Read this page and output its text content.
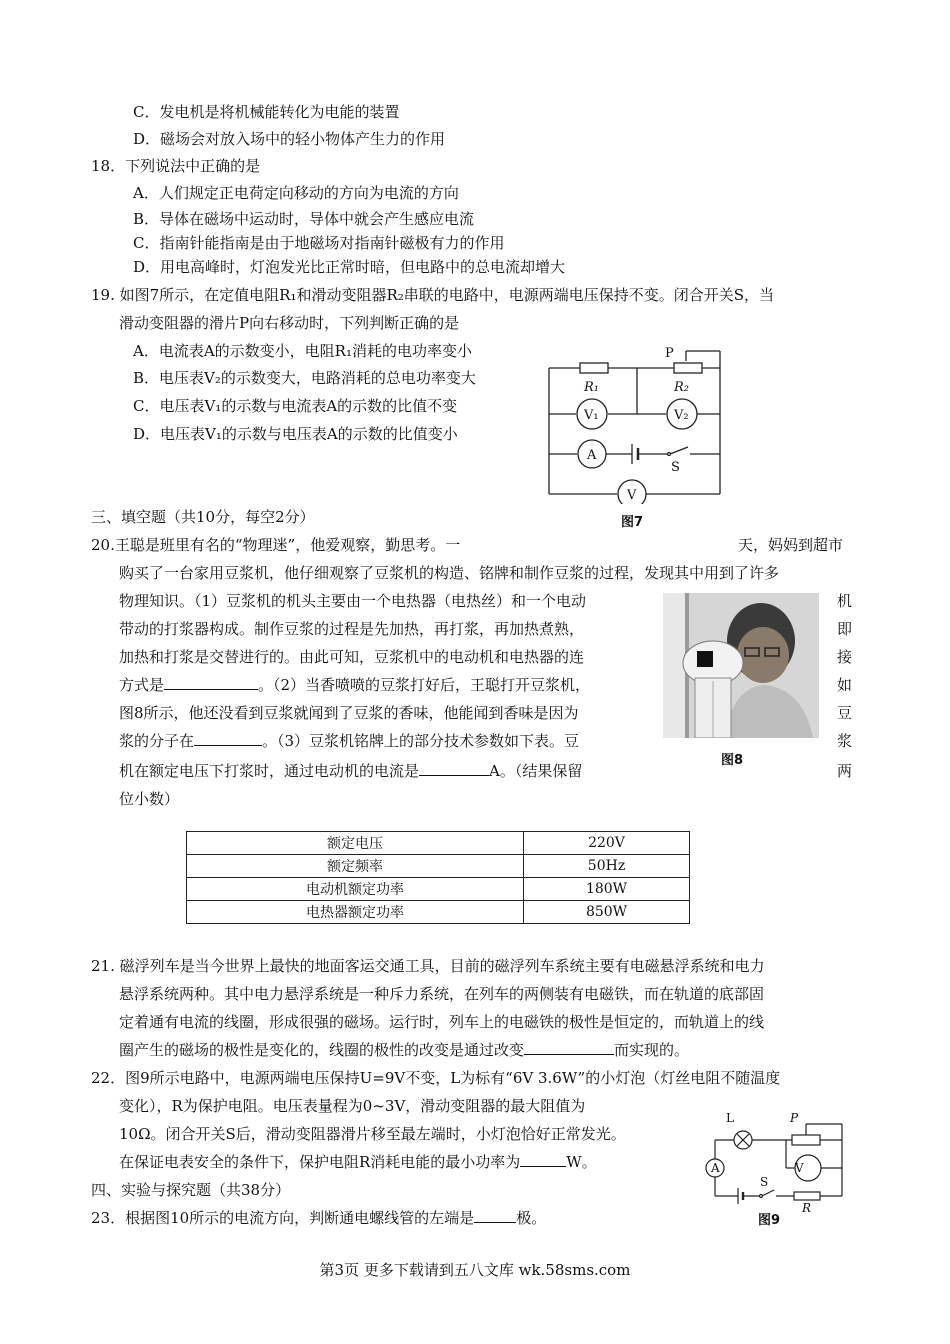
C．发电机是将机械能转化为电能的装置
D．磁场会对放入场中的轻小物体产生力的作用
18．下列说法中正确的是
A．人们规定正电荷定向移动的方向为电流的方向
B．导体在磁场中运动时，导体中就会产生感应电流
C．指南针能指南是由于地磁场对指南针磁极有力的作用
D．用电高峰时，灯泡发光比正常时暗，但电路中的总电流却增大
19. 如图7所示，在定值电阻R₁和滑动变阻器R₂串联的电路中，电源两端电压保持不变。闭合开关S，当
滑动变阻器的滑片P向右移动时，下列判断正确的是
A．电流表A的示数变小，电阻R₁消耗的电功率变小
B．电压表V₂的示数变大，电路消耗的总电功率变大
C．电压表V₁的示数与电流表A的示数的比值不变
D．电压表V₁的示数与电压表A的示数的比值变小
P
R₁	R₂
V₁	V₂
A
S
V
图7
三、填空题（共10分，每空2分）
20.王聪是班里有名的“物理迷”，他爱观察，勤思考。一	天，妈妈到超市
购买了一台家用豆浆机，他仔细观察了豆浆机的构造、铭牌和制作豆浆的过程，发现其中用到了许多
物理知识。（1）豆浆机的机头主要由一个电热器（电热丝）和一个电动	机
带动的打浆器构成。制作豆浆的过程是先加热，再打浆，再加热煮熟，	即
加热和打浆是交替进行的。由此可知，豆浆机中的电动机和电热器的连	接
方式是	。（2）当香喷喷的豆浆打好后，王聪打开豆浆机，	如
图8所示，他还没看到豆浆就闻到了豆浆的香味，他能闻到香味是因为	豆
浆的分子在	。（3）豆浆机铭牌上的部分技术参数如下表。豆	浆
机在额定电压下打浆时，通过电动机的电流是	A。（结果保留	两
位小数）
图8
额定电压	220V
额定频率	50Hz
电动机额定功率	180W
电热器额定功率	850W
21. 磁浮列车是当今世界上最快的地面客运交通工具，目前的磁浮列车系统主要有电磁悬浮系统和电力
悬浮系统两种。其中电力悬浮系统是一种斥力系统，在列车的两侧装有电磁铁，而在轨道的底部固
定着通有电流的线圈，形成很强的磁场。运行时，列车上的电磁铁的极性是恒定的，而轨道上的线
圈产生的磁场的极性是变化的，线圈的极性的改变是通过改变	而实现的。
22．图9所示电路中，电源两端电压保持U=9V不变，L为标有“6V 3.6W”的小灯泡（灯丝电阻不随温度
变化），R为保护电阻。电压表量程为0~3V，滑动变阻器的最大阻值为
10Ω。闭合开关S后，滑动变阻器滑片移至最左端时，小灯泡恰好正常发光。
在保证电表安全的条件下，保护电阻R消耗电能的最小功率为	W。
L	P
A	V
S
R
图9
四、实验与探究题（共38分）
23．根据图10所示的电流方向，判断通电螺线管的左端是	极。
第3页 更多下载请到五八文库 wk.58sms.com
